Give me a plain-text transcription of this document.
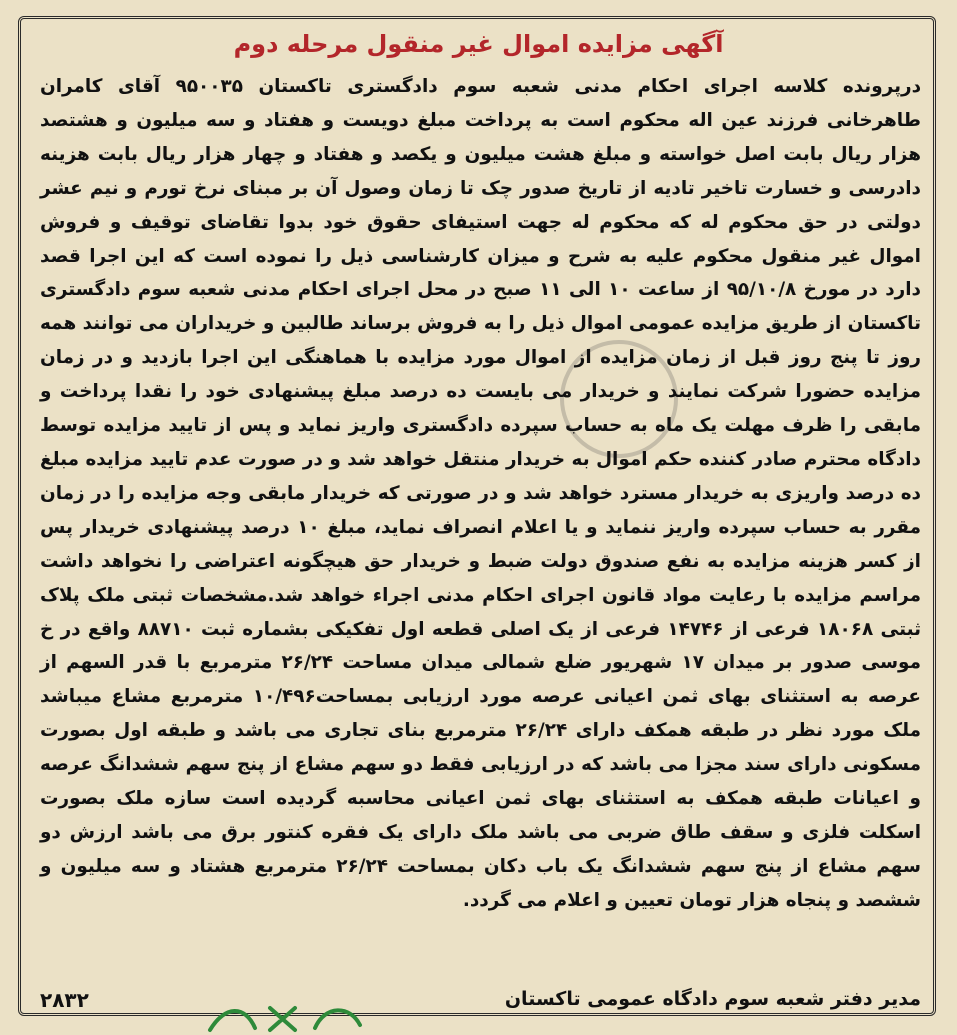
آگهی مزایده اموال غیر منقول مرحله دوم
درپرونده کلاسه اجرای احکام مدنی شعبه سوم دادگستری تاکستان ۹۵۰۰۳۵ آقای کامران طاهرخانی فرزند عین اله محکوم است به پرداخت مبلغ دویست و هفتاد و سه میلیون و هشتصد هزار ریال بابت اصل خواسته و مبلغ هشت میلیون و یکصد و هفتاد و چهار هزار ریال بابت هزینه دادرسی و خسارت تاخیر تادیه از تاریخ صدور چک تا زمان وصول آن بر مبنای نرخ تورم و نیم عشر دولتی در حق محکوم له که محکوم له جهت استیفای حقوق خود بدوا تقاضای توقیف و فروش اموال غیر منقول محکوم علیه به شرح و میزان کارشناسی ذیل را نموده است که این اجرا قصد دارد در مورخ ۹۵/۱۰/۸ از ساعت ۱۰ الی ۱۱ صبح در محل اجرای احکام مدنی شعبه سوم دادگستری تاکستان از طریق مزایده عمومی اموال ذیل را به فروش برساند طالبین و خریداران می توانند همه روز تا پنج روز قبل از زمان مزایده از اموال مورد مزایده با هماهنگی این اجرا بازدید و در زمان مزایده حضورا شرکت نمایند و خریدار می بایست ده درصد مبلغ پیشنهادی خود را نقدا پرداخت و مابقی را ظرف مهلت یک ماه به حساب سپرده دادگستری واریز نماید و پس از تایید مزایده توسط دادگاه محترم صادر کننده حکم اموال به خریدار منتقل خواهد شد و در صورت عدم تایید مزایده مبلغ ده درصد واریزی به خریدار مسترد خواهد شد و در صورتی که خریدار مابقی وجه مزایده را در زمان مقرر به حساب سپرده واریز ننماید و یا اعلام انصراف نماید، مبلغ ۱۰ درصد پیشنهادی خریدار پس از کسر هزینه مزایده به نفع صندوق دولت ضبط و خریدار حق هیچگونه اعتراضی را نخواهد داشت مراسم مزایده با رعایت مواد قانون اجرای احکام مدنی اجراء خواهد شد.مشخصات ثبتی ملک پلاک ثبتی ۱۸۰۶۸ فرعی از ۱۴۷۴۶ فرعی از یک اصلی قطعه اول تفکیکی بشماره ثبت ۸۸۷۱۰ واقع در خ موسی صدور بر میدان ۱۷ شهریور ضلع شمالی میدان مساحت ۲۶/۲۴ مترمربع با قدر السهم از عرصه به استثنای بهای ثمن اعیانی عرصه مورد ارزیابی بمساحت۱۰/۴۹۶ مترمربع مشاع میباشد ملک مورد نظر در طبقه همکف دارای ۲۶/۲۴ مترمربع بنای تجاری می باشد و طبقه اول بصورت مسکونی دارای سند مجزا می باشد که در ارزیابی فقط دو سهم مشاع از پنج سهم ششدانگ عرصه و اعیانات طبقه همکف به استثنای بهای ثمن اعیانی محاسبه گردیده است سازه ملک بصورت اسکلت فلزی و سقف طاق ضربی می باشد ملک دارای یک فقره کنتور برق می باشد ارزش دو سهم مشاع از پنج سهم ششدانگ یک باب دکان بمساحت ۲۶/۲۴ مترمربع هشتاد و سه میلیون و ششصد و پنجاه هزار تومان تعیین و اعلام می گردد.
مدیر دفتر شعبه سوم دادگاه عمومی تاکستان
۲۸۳۲
